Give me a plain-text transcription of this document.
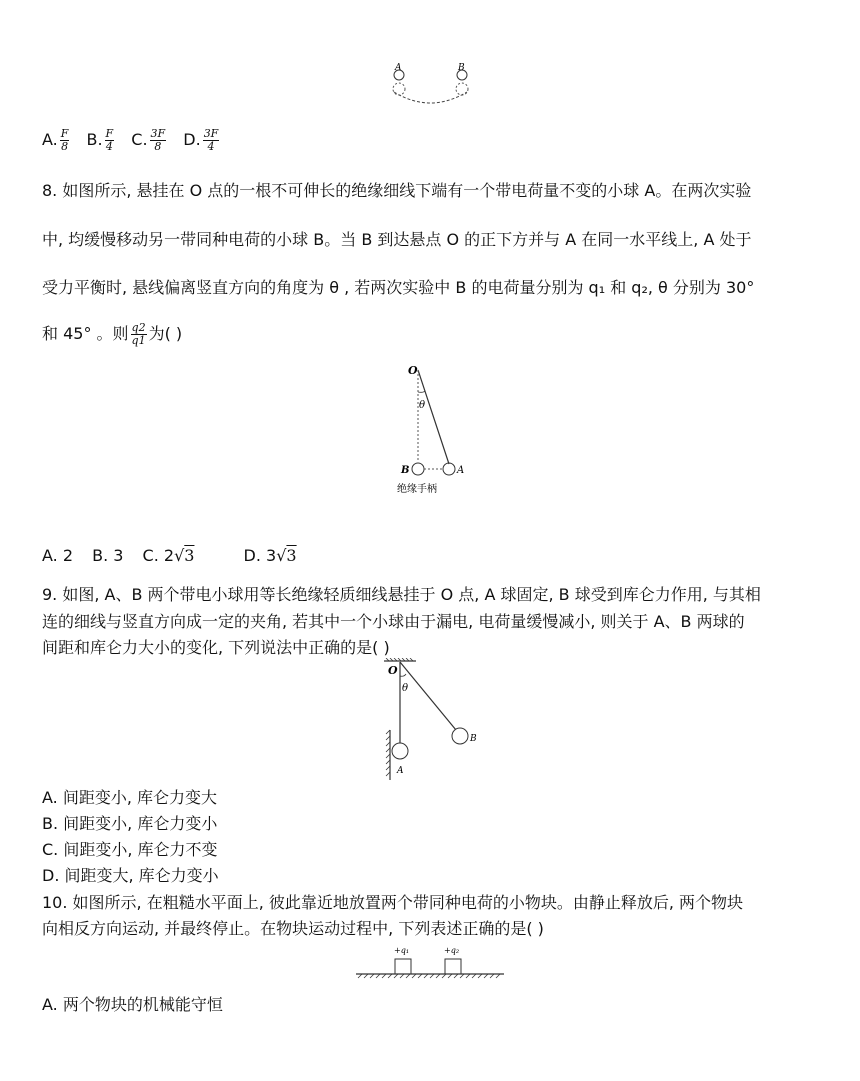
A	B
A. $\frac{F}{8} B$. $\frac{F}{4} C$. $\frac{3F}{8} D$. $\frac{3F}{4}$
8. 如图所示, 悬挂在 O 点的一根不可伸长的绝缘细线下端有一个带电荷量不变的小球 A。在两次实验
中, 均缓慢移动另一带同种电荷的小球 B。当 B 到达悬点 O 的正下方并与 A 在同一水平线上, A 处于
受力平衡时, 悬线偏离竖直方向的角度为 θ , 若两次实验中 B 的电荷量分别为 q₁ 和 q₂, θ 分别为 30°
和 45° 。则 $\frac{q2}{q1}$ 为( )
O
θ
B	A
绝缘手柄
A. 2 B. 3 C. 2√3	D. 3√3
9. 如图, A、B 两个带电小球用等长绝缘轻质细线悬挂于 O 点, A 球固定, B 球受到库仑力作用, 与其相
连的细线与竖直方向成一定的夹角, 若其中一个小球由于漏电, 电荷量缓慢减小, 则关于 A、B 两球的
间距和库仑力大小的变化, 下列说法中正确的是( )
O
θ
A
B
A. 间距变小, 库仑力变大
B. 间距变小, 库仑力变小
C. 间距变小, 库仑力不变
D. 间距变大, 库仑力变小
10. 如图所示, 在粗糙水平面上, 彼此靠近地放置两个带同种电荷的小物块。由静止释放后, 两个物块
向相反方向运动, 并最终停止。在物块运动过程中, 下列表述正确的是( )
+q₁	+q₂
A. 两个物块的机械能守恒
